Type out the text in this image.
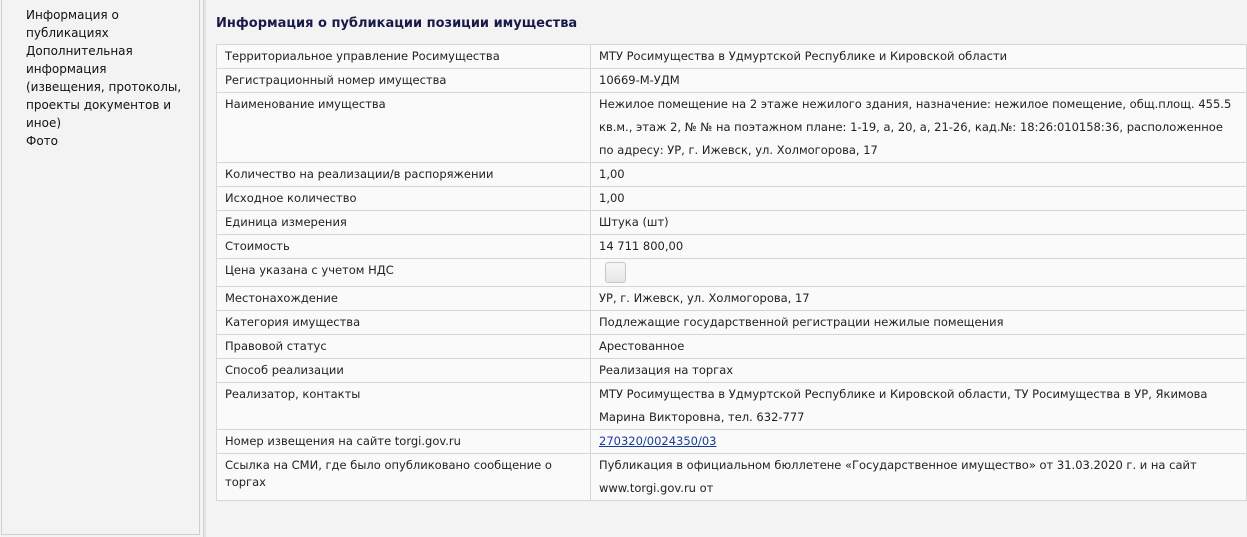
Информация о публикациях
Дополнительная информация
(извещения, протоколы,
проекты документов и иное)
Фото
Информация о публикации позиции имущества
Территориальное управление Росимущества	МТУ Росимущества в Удмуртской Республике и Кировской области
Регистрационный номер имущества	10669-М-УДМ
Наименование имущества	Нежилое помещение на 2 этаже нежилого здания, назначение: нежилое помещение, общ.площ. 455.5 кв.м., этаж 2, № № на поэтажном плане: 1-19, а, 20, а, 21-26, кад.№: 18:26:010158:36, расположенное по адресу: УР, г. Ижевск, ул. Холмогорова, 17
Количество на реализации/в распоряжении	1,00
Исходное количество	1,00
Единица измерения	Штука (шт)
Стоимость	14 711 800,00
Цена указана с учетом НДС	
Местонахождение	УР, г. Ижевск, ул. Холмогорова, 17
Категория имущества	Подлежащие государственной регистрации нежилые помещения
Правовой статус	Арестованное
Способ реализации	Реализация на торгах
Реализатор, контакты	МТУ Росимущества в Удмуртской Республике и Кировской области, ТУ Росимущества в УР, Якимова Марина Викторовна, тел. 632-777
Номер извещения на сайте torgi.gov.ru	270320/0024350/03
Ссылка на СМИ, где было опубликовано сообщение о торгах	Публикация в официальном бюллетене «Государственное имущество» от 31.03.2020 г. и на сайт www.torgi.gov.ru от
